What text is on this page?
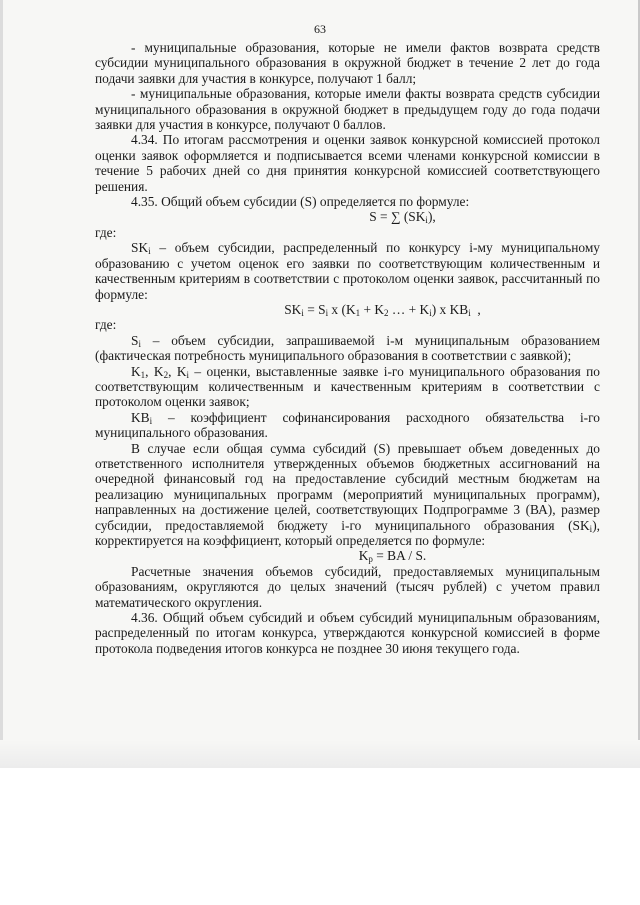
63

- муниципальные образования, которые не имели фактов возврата средств субсидии муниципального образования в окружной бюджет в течение 2 лет до года подачи заявки для участия в конкурсе, получают 1 балл;

- муниципальные образования, которые имели факты возврата средств субсидии муниципального образования в окружной бюджет в предыдущем году до года подачи заявки для участия в конкурсе, получают 0 баллов.

4.34. По итогам рассмотрения и оценки заявок конкурсной комиссией протокол оценки заявок оформляется и подписывается всеми членами конкурсной комиссии в течение 5 рабочих дней со дня принятия конкурсной комиссией соответствующего решения.

4.35. Общий объем субсидии (S) определяется по формуле:

S = ∑ $(SK_i)$,

где:

$SK_i$ – объем субсидии, распределенный по конкурсу i-му муниципальному образованию с учетом оценок его заявки по соответствующим количественным и качественным критериям в соответствии с протоколом оценки заявок, рассчитанный по формуле:

$SK_i = S_i$ x ($K_1 + K_2$ … + $K_i$) x $KB_i$ ,

где:

$S_i$ – объем субсидии, запрашиваемой i-м муниципальным образованием (фактическая потребность муниципального образования в соответствии с заявкой);

$K_1$, $K_2$, $K_i$ – оценки, выставленные заявке i-го муниципального образования по соответствующим количественным и качественным критериям в соответствии с протоколом оценки заявок;

$KB_i$ – коэффициент софинансирования расходного обязательства i-го муниципального образования.

В случае если общая сумма субсидий (S) превышает объем доведенных до ответственного исполнителя утвержденных объемов бюджетных ассигнований на очередной финансовый год на предоставление субсидий местным бюджетам на реализацию муниципальных программ (мероприятий муниципальных программ), направленных на достижение целей, соответствующих Подпрограмме 3 (ВА), размер субсидии, предоставляемой бюджету i-го муниципального образования $(SK_i)$, корректируется на коэффициент, который определяется по формуле:

$K_p$ = BA / S.

Расчетные значения объемов субсидий, предоставляемых муниципальным образованиям, округляются до целых значений (тысяч рублей) с учетом правил математического округления.

4.36. Общий объем субсидий и объем субсидий муниципальным образованиям, распределенный по итогам конкурса, утверждаются конкурсной комиссией в форме протокола подведения итогов конкурса не позднее 30 июня текущего года.
